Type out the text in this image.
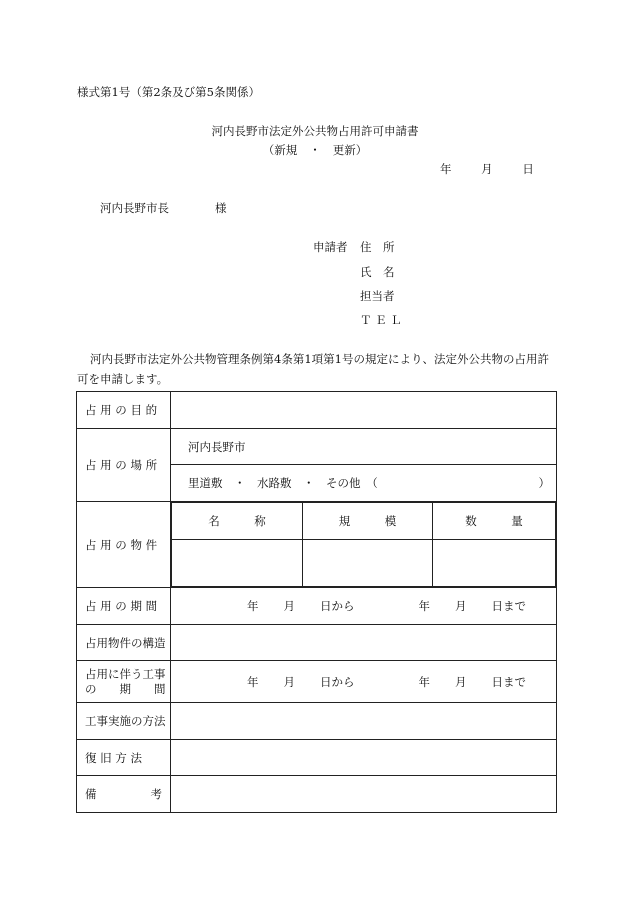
様式第1号（第2条及び第5条関係）
河内長野市法定外公共物占用許可申請書
（新規 ・ 更新）
年	月	日
河内長野市長	様
申請者 住　所
氏　名
担当者
Ｔ Ｅ Ｌ
河内長野市法定外公共物管理条例第4条第1項第1号の規定により、法定外公共物の占用許可を申請します。
占 用 の 目 的	
占 用 の 場 所	河内長野市

里道敷　・　水路敷　・　その他　（	）

占 用 の 物 件	
名　　　称	規　　　模	数　　　量

占 用 の 期 間	年 月 日から	年 月 日まで

占用物件の構造	

占用に伴う工事
の　　期　　間	年 月 日から	年 月 日まで

工事実施の方法	
復 旧 方 法	

備	考
